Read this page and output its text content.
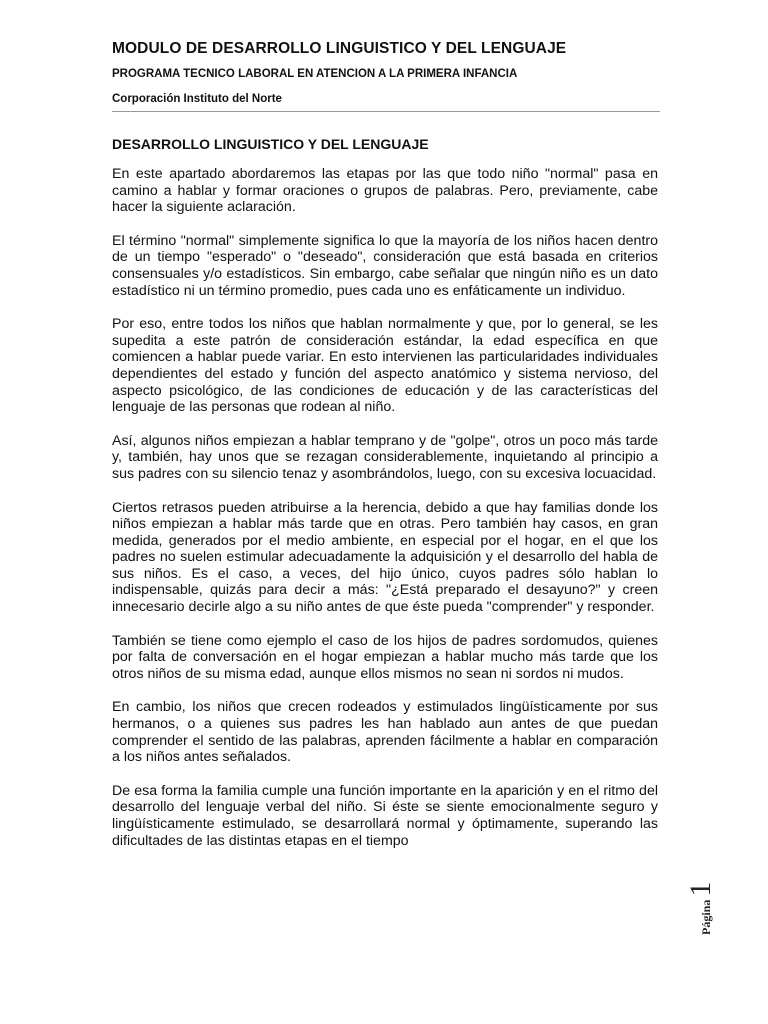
MODULO DE DESARROLLO LINGUISTICO Y DEL LENGUAJE
PROGRAMA TECNICO LABORAL EN ATENCION A LA PRIMERA INFANCIA
Corporación Instituto del Norte
DESARROLLO LINGUISTICO Y DEL LENGUAJE

En este apartado abordaremos las etapas por las que todo niño "normal" pasa en camino a hablar y formar oraciones o grupos de palabras. Pero, previamente, cabe hacer la siguiente aclaración.

El término "normal" simplemente significa lo que la mayoría de los niños hacen dentro de un tiempo "esperado" o "deseado", consideración que está basada en criterios consensuales y/o estadísticos. Sin embargo, cabe señalar que ningún niño es un dato estadístico ni un término promedio, pues cada uno es enfáticamente un individuo.

Por eso, entre todos los niños que hablan normalmente y que, por lo general, se les supedita a este patrón de consideración estándar, la edad específica en que comiencen a hablar puede variar. En esto intervienen las particularidades individuales dependientes del estado y función del aspecto anatómico y sistema nervioso, del aspecto psicológico, de las condiciones de educación y de las características del lenguaje de las personas que rodean al niño.

Así, algunos niños empiezan a hablar temprano y de "golpe", otros un poco más tarde y, también, hay unos que se rezagan considerablemente, inquietando al principio a sus padres con su silencio tenaz y asombrándolos, luego, con su excesiva locuacidad.

Ciertos retrasos pueden atribuirse a la herencia, debido a que hay familias donde los niños empiezan a hablar más tarde que en otras. Pero también hay casos, en gran medida, generados por el medio ambiente, en especial por el hogar, en el que los padres no suelen estimular adecuadamente la adquisición y el desarrollo del habla de sus niños. Es el caso, a veces, del hijo único, cuyos padres sólo hablan lo indispensable, quizás para decir a más: "¿Está preparado el desayuno?" y creen innecesario decirle algo a su niño antes de que éste pueda "comprender" y responder.

También se tiene como ejemplo el caso de los hijos de padres sordomudos, quienes por falta de conversación en el hogar empiezan a hablar mucho más tarde que los otros niños de su misma edad, aunque ellos mismos no sean ni sordos ni mudos.

En cambio, los niños que crecen rodeados y estimulados lingüísticamente por sus hermanos, o a quienes sus padres les han hablado aun antes de que puedan comprender el sentido de las palabras, aprenden fácilmente a hablar en comparación a los niños antes señalados.

De esa forma la familia cumple una función importante en la aparición y en el ritmo del desarrollo del lenguaje verbal del niño. Si éste se siente emocionalmente seguro y lingüísticamente estimulado, se desarrollará normal y óptimamente, superando las dificultades de las distintas etapas en el tiempo

Página
1
